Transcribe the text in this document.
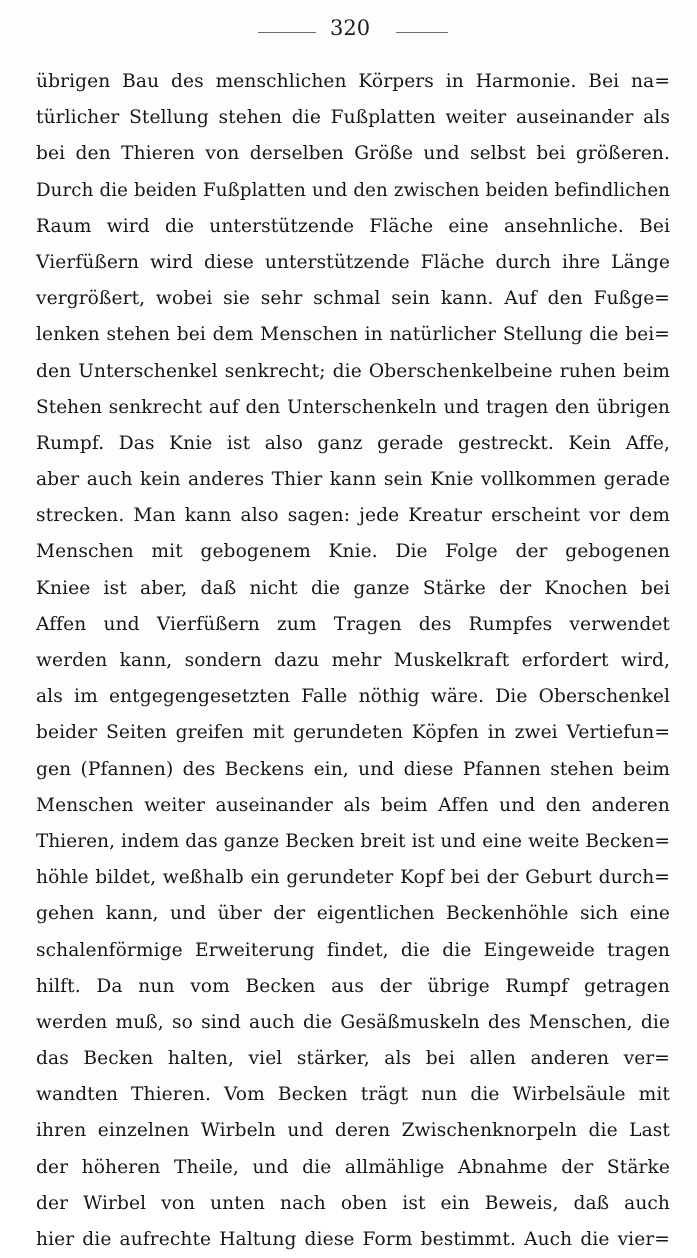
320
übrigen Bau des menschlichen Körpers in Harmonie. Bei na=
türlicher Stellung stehen die Fußplatten weiter auseinander als
bei den Thieren von derselben Größe und selbst bei größeren.
Durch die beiden Fußplatten und den zwischen beiden befindlichen
Raum wird die unterstützende Fläche eine ansehnliche. Bei
Vierfüßern wird diese unterstützende Fläche durch ihre Länge
vergrößert, wobei sie sehr schmal sein kann. Auf den Fußge=
lenken stehen bei dem Menschen in natürlicher Stellung die bei=
den Unterschenkel senkrecht; die Oberschenkelbeine ruhen beim
Stehen senkrecht auf den Unterschenkeln und tragen den übrigen
Rumpf. Das Knie ist also ganz gerade gestreckt. Kein Affe,
aber auch kein anderes Thier kann sein Knie vollkommen gerade
strecken. Man kann also sagen: jede Kreatur erscheint vor dem
Menschen mit gebogenem Knie. Die Folge der gebogenen
Kniee ist aber, daß nicht die ganze Stärke der Knochen bei
Affen und Vierfüßern zum Tragen des Rumpfes verwendet
werden kann, sondern dazu mehr Muskelkraft erfordert wird,
als im entgegengesetzten Falle nöthig wäre. Die Oberschenkel
beider Seiten greifen mit gerundeten Köpfen in zwei Vertiefun=
gen (Pfannen) des Beckens ein, und diese Pfannen stehen beim
Menschen weiter auseinander als beim Affen und den anderen
Thieren, indem das ganze Becken breit ist und eine weite Becken=
höhle bildet, weßhalb ein gerundeter Kopf bei der Geburt durch=
gehen kann, und über der eigentlichen Beckenhöhle sich eine
schalenförmige Erweiterung findet, die die Eingeweide tragen
hilft. Da nun vom Becken aus der übrige Rumpf getragen
werden muß, so sind auch die Gesäßmuskeln des Menschen, die
das Becken halten, viel stärker, als bei allen anderen ver=
wandten Thieren. Vom Becken trägt nun die Wirbelsäule mit
ihren einzelnen Wirbeln und deren Zwischenknorpeln die Last
der höheren Theile, und die allmählige Abnahme der Stärke
der Wirbel von unten nach oben ist ein Beweis, daß auch
hier die aufrechte Haltung diese Form bestimmt. Auch die vier=
